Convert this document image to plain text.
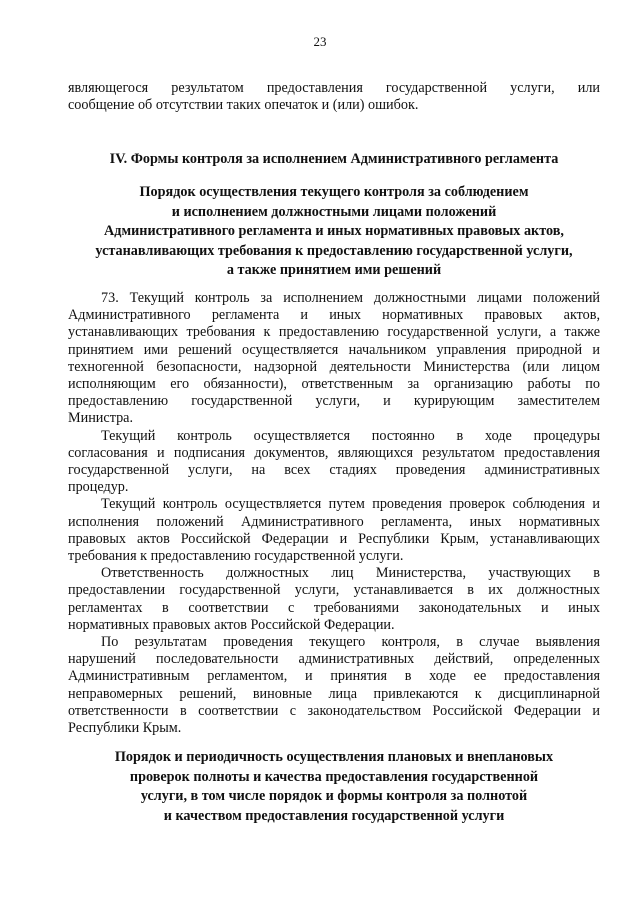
23
являющегося результатом предоставления государственной услуги, или
сообщение об отсутствии таких опечаток и (или) ошибок.
IV. Формы контроля за исполнением Административного регламента
Порядок осуществления текущего контроля за соблюдением
и исполнением должностными лицами положений
Административного регламента и иных нормативных правовых актов,
устанавливающих требования к предоставлению государственной услуги,
а также принятием ими решений
73. Текущий контроль за исполнением должностными лицами положений
Административного регламента и иных нормативных правовых актов,
устанавливающих требования к предоставлению государственной услуги, а также
принятием ими решений осуществляется начальником управления природной и
техногенной безопасности, надзорной деятельности Министерства (или лицом
исполняющим его обязанности), ответственным за организацию работы по
предоставлению государственной услуги, и курирующим заместителем
Министра.
Текущий контроль осуществляется постоянно в ходе процедуры
согласования и подписания документов, являющихся результатом предоставления
государственной услуги, на всех стадиях проведения административных
процедур.
Текущий контроль осуществляется путем проведения проверок соблюдения и
исполнения положений Административного регламента, иных нормативных
правовых актов Российской Федерации и Республики Крым, устанавливающих
требования к предоставлению государственной услуги.
Ответственность должностных лиц Министерства, участвующих в
предоставлении государственной услуги, устанавливается в их должностных
регламентах в соответствии с требованиями законодательных и иных
нормативных правовых актов Российской Федерации.
По результатам проведения текущего контроля, в случае выявления
нарушений последовательности административных действий, определенных
Административным регламентом, и принятия в ходе ее предоставления
неправомерных решений, виновные лица привлекаются к дисциплинарной
ответственности в соответствии с законодательством Российской Федерации и
Республики Крым.
Порядок и периодичность осуществления плановых и внеплановых
проверок полноты и качества предоставления государственной
услуги, в том числе порядок и формы контроля за полнотой
и качеством предоставления государственной услуги
